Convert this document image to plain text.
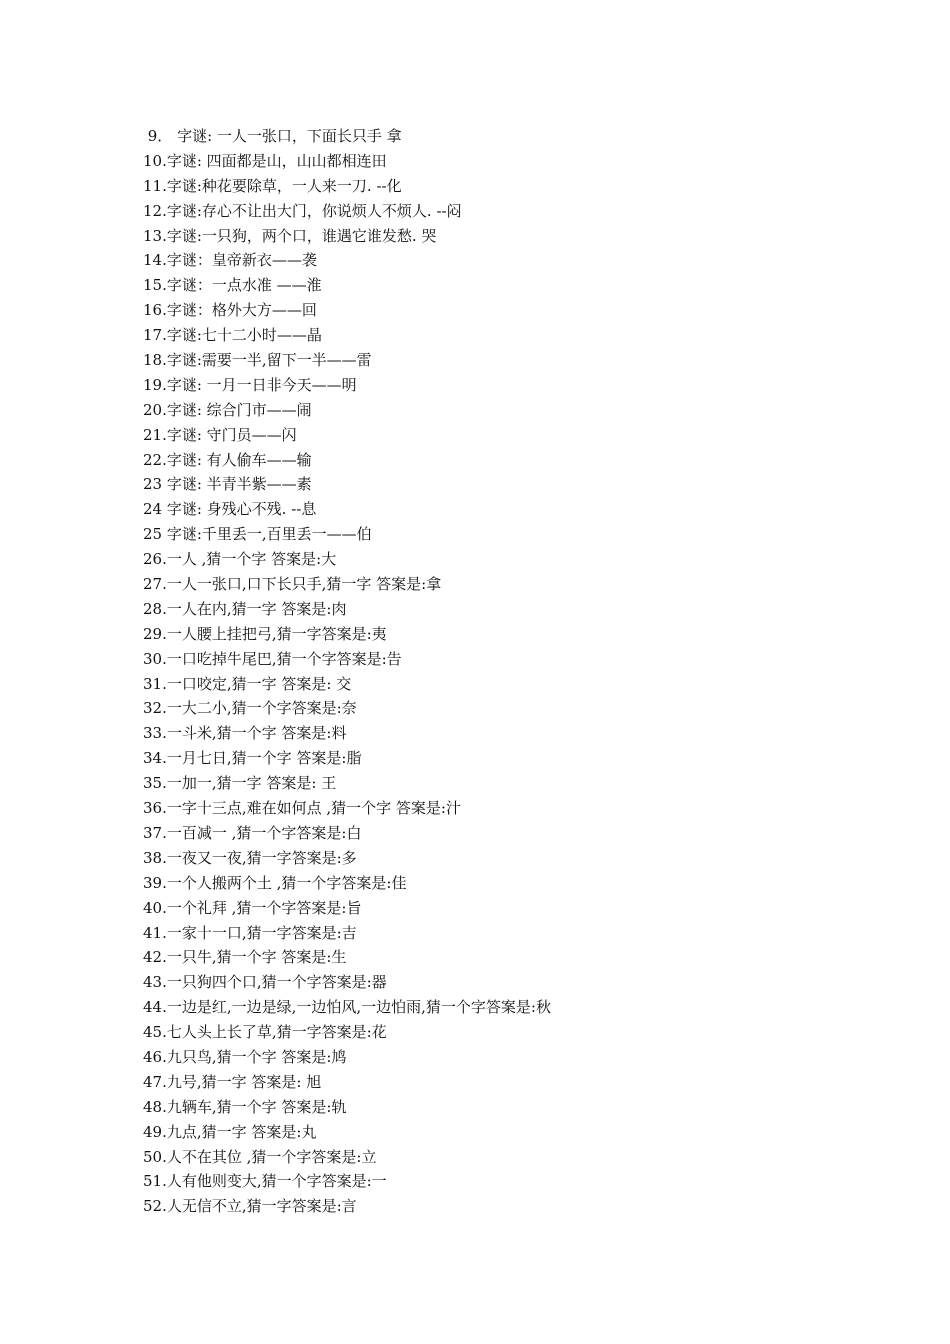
9． 字谜: 一人一张口，下面长只手 拿
10.字谜: 四面都是山，山山都相连田
11.字谜:种花要除草，一人来一刀. --化
12.字谜:存心不让出大门，你说烦人不烦人. --闷
13.字谜:一只狗，两个口，谁遇它谁发愁. 哭
14.字谜：皇帝新衣——袭
15.字谜：一点水准 ——淮
16.字谜：格外大方——回
17.字谜:七十二小时——晶
18.字谜:需要一半,留下一半——雷
19.字谜: 一月一日非今天——明
20.字谜: 综合门市——闹
21.字谜: 守门员——闪
22.字谜: 有人偷车——输
23 字谜: 半青半紫——素
24 字谜: 身残心不残. --息
25 字谜:千里丢一,百里丢一——伯
26.一人 ,猜一个字 答案是:大
27.一人一张口,口下长只手,猜一字 答案是:拿
28.一人在内,猜一字 答案是:肉
29.一人腰上挂把弓,猜一字答案是:夷
30.一口吃掉牛尾巴,猜一个字答案是:告
31.一口咬定,猜一字 答案是: 交
32.一大二小,猜一个字答案是:奈
33.一斗米,猜一个字 答案是:料
34.一月七日,猜一个字 答案是:脂
35.一加一,猜一字 答案是: 王
36.一字十三点,难在如何点 ,猜一个字 答案是:汁
37.一百减一 ,猜一个字答案是:白
38.一夜又一夜,猜一字答案是:多
39.一个人搬两个土 ,猜一个字答案是:佳
40.一个礼拜 ,猜一个字答案是:旨
41.一家十一口,猜一字答案是:吉
42.一只牛,猜一个字 答案是:生
43.一只狗四个口,猜一个字答案是:器
44.一边是红,一边是绿,一边怕风,一边怕雨,猜一个字答案是:秋
45.七人头上长了草,猜一字答案是:花
46.九只鸟,猜一个字 答案是:鸠
47.九号,猜一字 答案是: 旭
48.九辆车,猜一个字 答案是:轨
49.九点,猜一字 答案是:丸
50.人不在其位 ,猜一个字答案是:立
51.人有他则变大,猜一个字答案是:一
52.人无信不立,猜一字答案是:言
